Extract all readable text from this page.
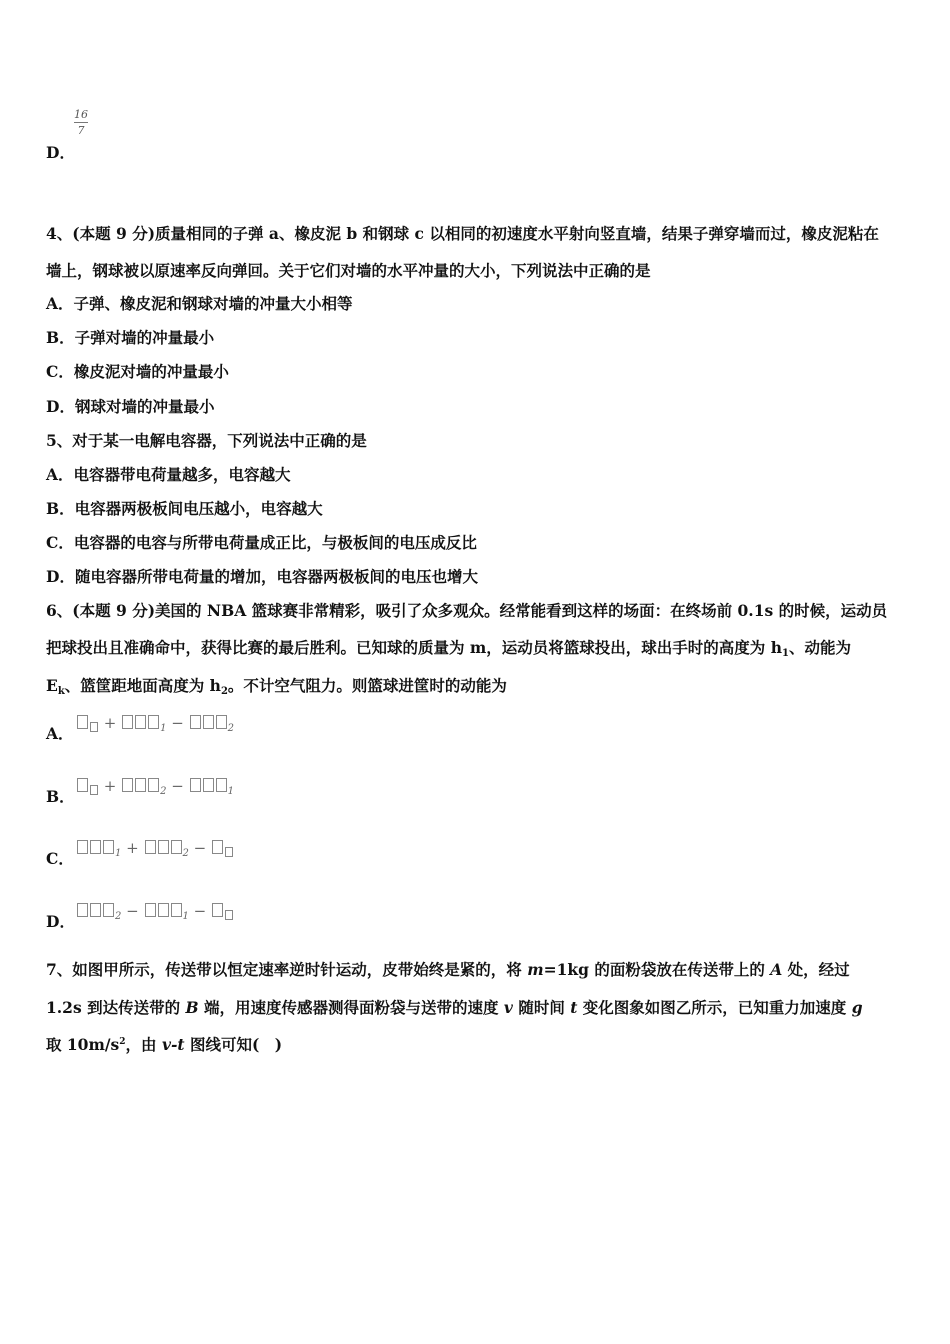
16
7
D．
4、(本题 9 分)质量相同的子弹 a、橡皮泥 b 和钢球 c 以相同的初速度水平射向竖直墙，结果子弹穿墙而过，橡皮泥粘在
墙上，钢球被以原速率反向弹回。关于它们对墙的水平冲量的大小，下列说法中正确的是
A．子弹、橡皮泥和钢球对墙的冲量大小相等
B．子弹对墙的冲量最小
C．橡皮泥对墙的冲量最小
D．钢球对墙的冲量最小
5、对于某一电解电容器，下列说法中正确的是
A．电容器带电荷量越多，电容越大
B．电容器两极板间电压越小，电容越大
C．电容器的电容与所带电荷量成正比，与极板间的电压成反比
D．随电容器所带电荷量的增加，电容器两极板间的电压也增大
6、(本题 9 分)美国的 NBA 篮球赛非常精彩，吸引了众多观众。经常能看到这样的场面：在终场前 0.1s 的时候，运动员
把球投出且准确命中，获得比赛的最后胜利。已知球的质量为 m，运动员将篮球投出，球出手时的高度为 $h_1$、动能为
$E_k$、篮筐距地面高度为 $h_2$。不计空气阻力。则篮球进筐时的动能为
A．
+	$_1$ −	$_2$
B．
+	$_2$ −	$_1$
C．	$_1$ +	$_2$ −
D．	$_2$ −	$_1$ −
7、如图甲所示，传送带以恒定速率逆时针运动，皮带始终是紧的，将 m=1kg 的面粉袋放在传送带上的 A 处，经过
1.2s 到达传送带的 B 端，用速度传感器测得面粉袋与送带的速度 v 随时间 t 变化图象如图乙所示，已知重力加速度 g
取 $10m/s^2$，由 v-t 图线可知(　)
